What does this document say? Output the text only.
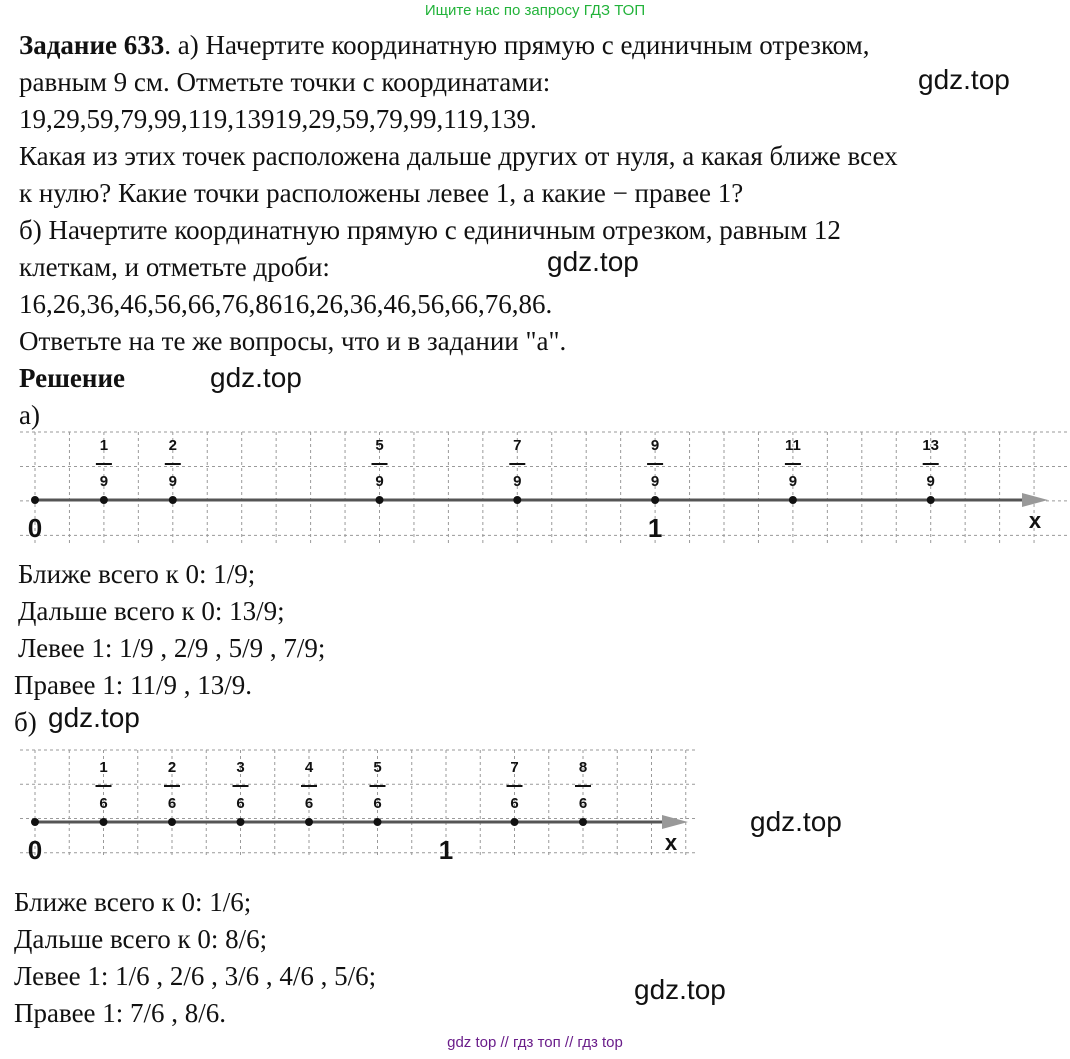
Ищите нас по запросу ГДЗ ТОП
Задание 633. а) Начертите координатную прямую с единичным отрезком,
равным 9 см. Отметьте точки с координатами:
19,29,59,79,99,119,13919,29,59,79,99,119,139.
Какая из этих точек расположена дальше других от нуля, а какая ближе всех
к нулю? Какие точки расположены левее 1, а какие − правее 1?
б) Начертите координатную прямую с единичным отрезком, равным 12
клеткам, и отметьте дроби:
16,26,36,46,56,66,76,8616,26,36,46,56,66,76,86.
Ответьте на те же вопросы, что и в задании "а".
Решение
а)
0	1	x
1
9
2
9
5
9
7
9
9
9
11
9
13
9
Ближе всего к 0: 1/9;
Дальше всего к 0: 13/9;
Левее 1: 1/9 , 2/9 , 5/9 , 7/9;
Правее 1: 11/9 , 13/9.
б)
0	1	x
1
6
2
6
3
6
4
6
5
6
7
6
8
6
Ближе всего к 0: 1/6;
Дальше всего к 0: 8/6;
Левее 1: 1/6 , 2/6 , 3/6 , 4/6 , 5/6;
Правее 1: 7/6 , 8/6.
gdz.top
gdz.top
gdz.top
gdz.top
gdz.top
gdz.top
gdz top // гдз топ // гдз top
